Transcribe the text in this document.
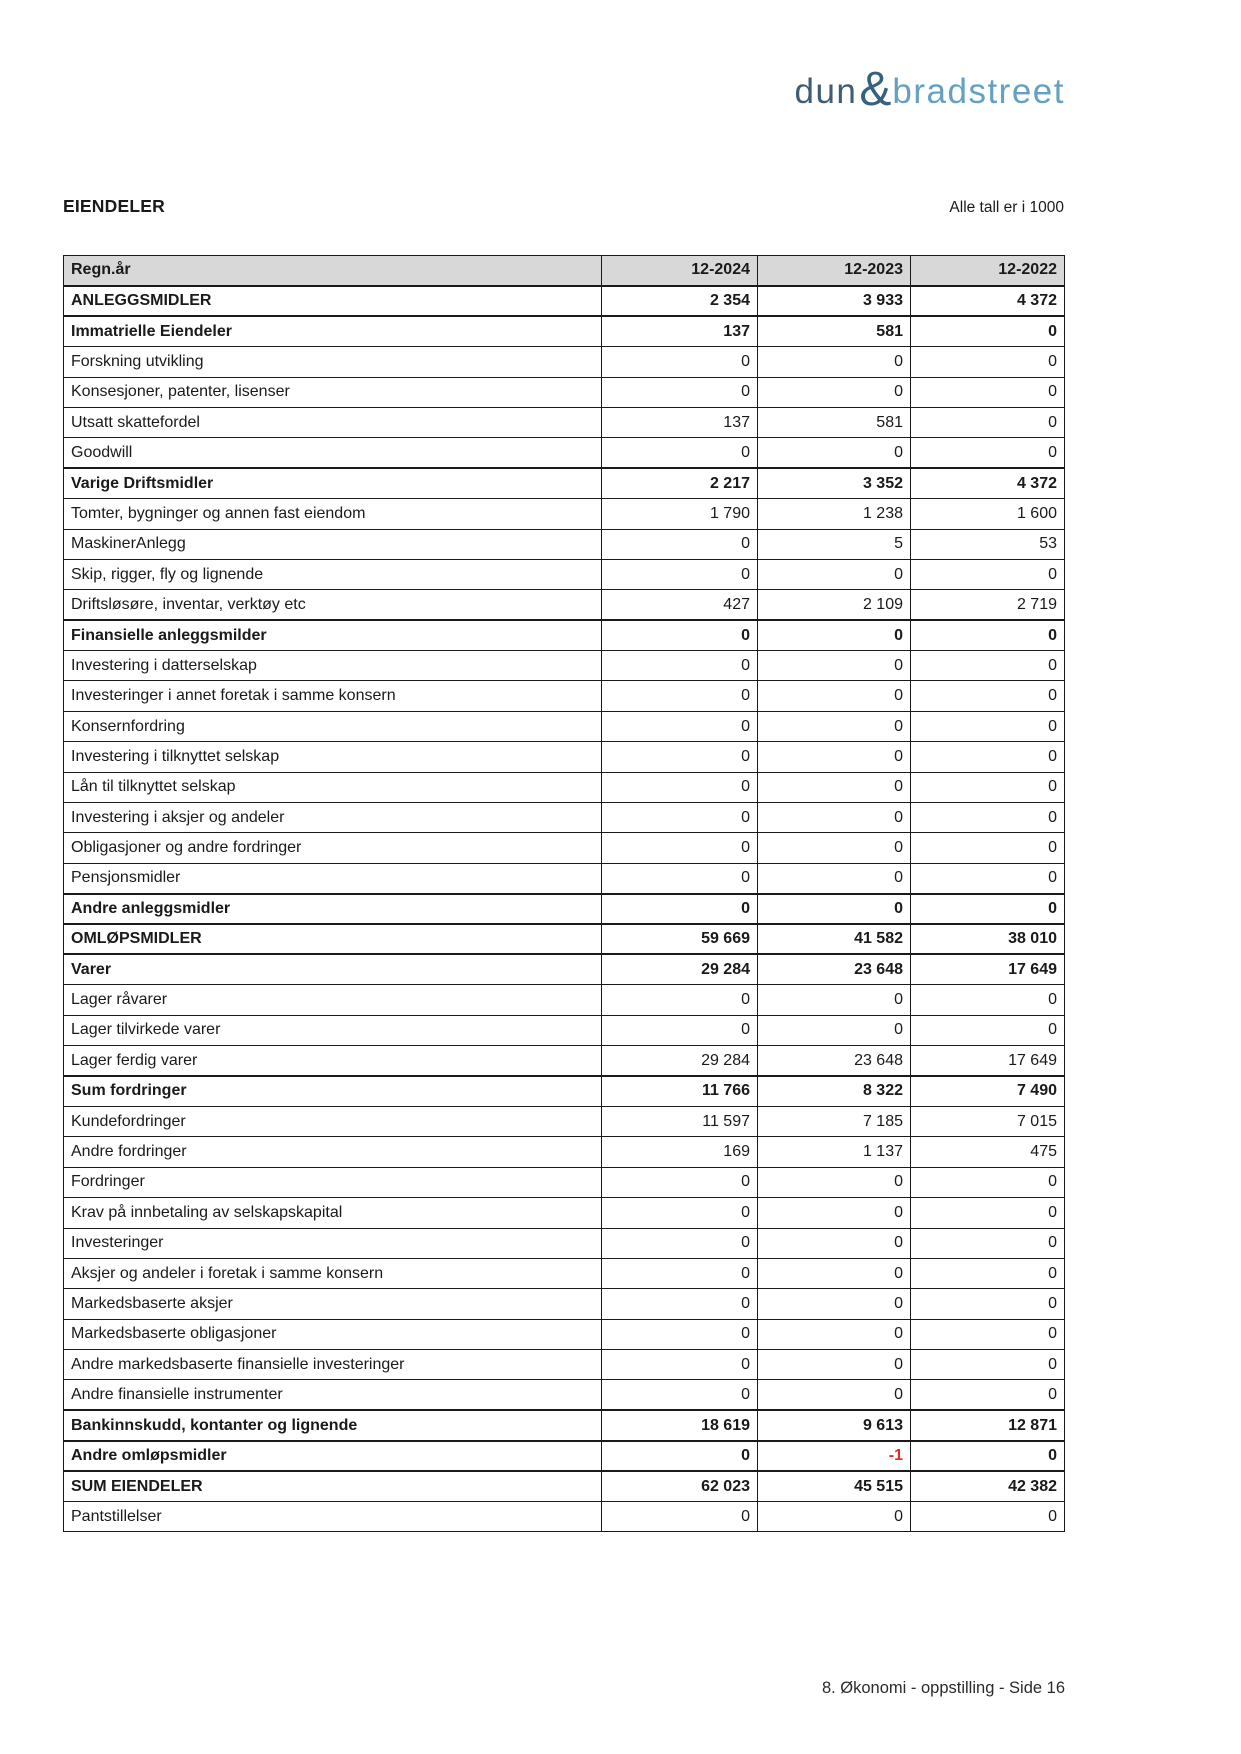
dun & bradstreet
EIENDELER	Alle tall er i 1000
Regn.år	12-2024	12-2023	12-2022
ANLEGGSMIDLER	2 354	3 933	4 372
Immatrielle Eiendeler	137	581	0
Forskning utvikling	0	0	0
Konsesjoner, patenter, lisenser	0	0	0
Utsatt skattefordel	137	581	0
Goodwill	0	0	0
Varige Driftsmidler	2 217	3 352	4 372
Tomter, bygninger og annen fast eiendom	1 790	1 238	1 600
MaskinerAnlegg	0	5	53
Skip, rigger, fly og lignende	0	0	0
Driftsløsøre, inventar, verktøy etc	427	2 109	2 719
Finansielle anleggsmilder	0	0	0
Investering i datterselskap	0	0	0
Investeringer i annet foretak i samme konsern	0	0	0
Konsernfordring	0	0	0
Investering i tilknyttet selskap	0	0	0
Lån til tilknyttet selskap	0	0	0
Investering i aksjer og andeler	0	0	0
Obligasjoner og andre fordringer	0	0	0
Pensjonsmidler	0	0	0
Andre anleggsmidler	0	0	0
OMLØPSMIDLER	59 669	41 582	38 010
Varer	29 284	23 648	17 649
Lager råvarer	0	0	0
Lager tilvirkede varer	0	0	0
Lager ferdig varer	29 284	23 648	17 649
Sum fordringer	11 766	8 322	7 490
Kundefordringer	11 597	7 185	7 015
Andre fordringer	169	1 137	475
Fordringer	0	0	0
Krav på innbetaling av selskapskapital	0	0	0
Investeringer	0	0	0
Aksjer og andeler i foretak i samme konsern	0	0	0
Markedsbaserte aksjer	0	0	0
Markedsbaserte obligasjoner	0	0	0
Andre markedsbaserte finansielle investeringer	0	0	0
Andre finansielle instrumenter	0	0	0
Bankinnskudd, kontanter og lignende	18 619	9 613	12 871
Andre omløpsmidler	0	-1	0
SUM EIENDELER	62 023	45 515	42 382
Pantstillelser	0	0	0
8. Økonomi - oppstilling - Side 16
